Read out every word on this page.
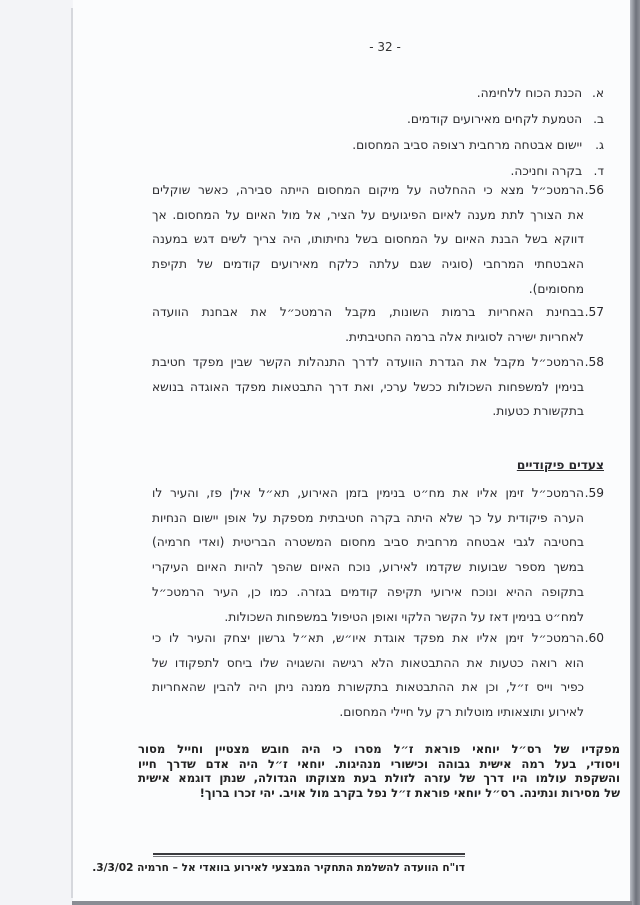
- 32 -
א. הכנת הכוח ללחימה.
ב. הטמעת לקחים מאירועים קודמים.
ג. יישום אבטחה מרחבית רצופה סביב המחסום.
ד. בקרה וחניכה.
56.
הרמטכ״ל מצא כי ההחלטה על מיקום המחסום הייתה סבירה, כאשר שוקלים
את הצורך לתת מענה לאיום הפיגועים על הציר, אל מול האיום על המחסום. אך
דווקא בשל הבנת האיום על המחסום בשל נחיתותו, היה צריך לשים דגש במענה
האבטחתי המרחבי (סוגיה שגם עלתה כלקח מאירועים קודמים של תקיפת
מחסומים).
57.
בבחינת האחריות ברמות השונות, מקבל הרמטכ״ל את אבחנת הוועדה
לאחריות ישירה לסוגיות אלה ברמה החטיבתית.
58.
הרמטכ״ל מקבל את הגדרת הוועדה לדרך התנהלות הקשר שבין מפקד חטיבת
בנימין למשפחות השכולות ככשל ערכי, ואת דרך התבטאות מפקד האוגדה בנושא
בתקשורת כטעות.
צעדים פיקודיים
59.
הרמטכ״ל זימן אליו את מח״ט בנימין בזמן האירוע, תא״ל אילן פז, והעיר לו
הערה פיקודית על כך שלא היתה בקרה חטיבתית מספקת על אופן יישום הנחיות
בחטיבה לגבי אבטחה מרחבית סביב מחסום המשטרה הבריטית (ואדי חרמיה)
במשך מספר שבועות שקדמו לאירוע, נוכח האיום שהפך להיות האיום העיקרי
בתקופה ההיא ונוכח אירועי תקיפה קודמים בגזרה. כמו כן, העיר הרמטכ״ל
למח״ט בנימין דאז על הקשר הלקוי ואופן הטיפול במשפחות השכולות.
60.
הרמטכ״ל זימן אליו את מפקד אוגדת איו״ש, תא״ל גרשון יצחק והעיר לו כי
הוא רואה כטעות את ההתבטאות הלא רגישה והשגויה שלו ביחס לתפקודו של
כפיר וייס ז״ל, וכן את ההתבטאות בתקשורת ממנה ניתן היה להבין שהאחריות
לאירוע ותוצאותיו מוטלות רק על חיילי המחסום.
מפקדיו של רס״ל יוחאי פוראת ז״ל מסרו כי היה חובש מצטיין וחייל מסור
ויסודי, בעל רמה אישית גבוהה וכישורי מנהיגות. יוחאי ז״ל היה אדם שדרך חייו
והשקפת עולמו היו דרך של עזרה לזולת בעת מצוקתו הגדולה, שנתן דוגמא אישית
של מסירות ונתינה. רס״ל יוחאי פוראת ז״ל נפל בקרב מול אויב. יהי זכרו ברוך!
דו"ח הוועדה להשלמת התחקיר המבצעי לאירוע בוואדי אל – חרמיה 3/3/02.
